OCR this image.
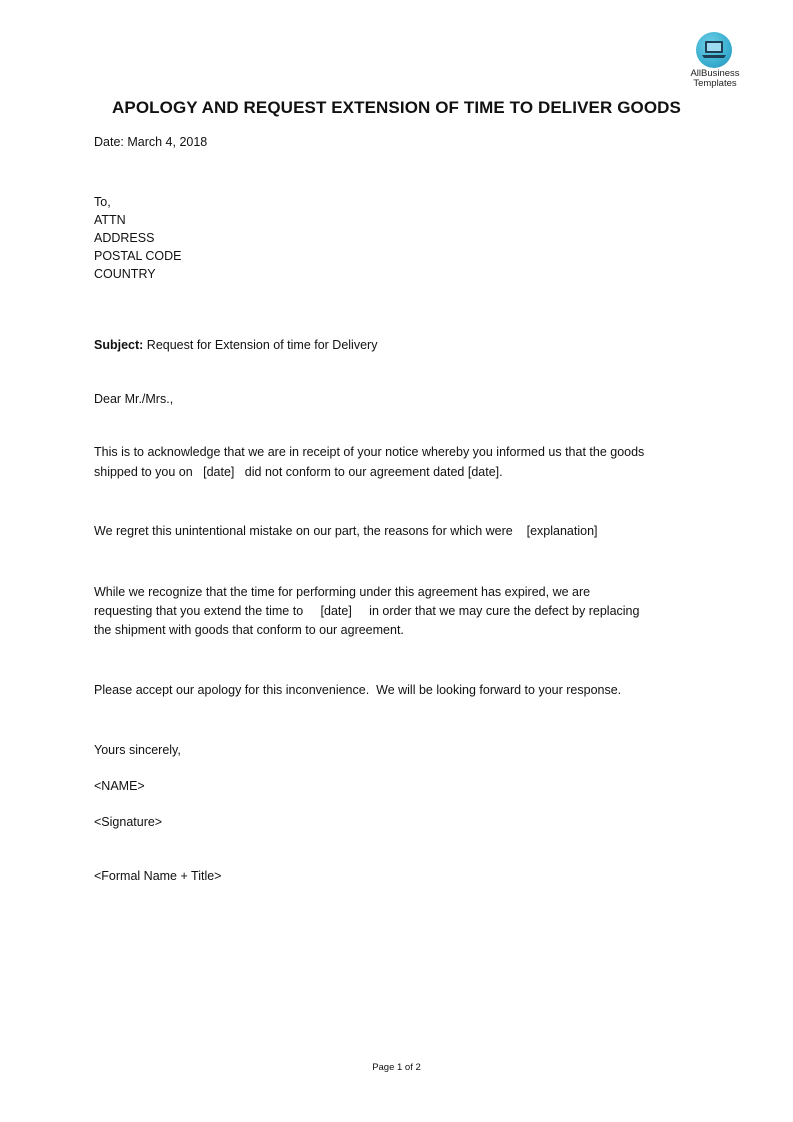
AllBusiness
Templates
APOLOGY AND REQUEST EXTENSION OF TIME TO DELIVER GOODS

Date: March 4, 2018

To,

ATTN

ADDRESS

POSTAL CODE

COUNTRY

Subject: Request for Extension of time for Delivery

Dear Mr./Mrs.,

This is to acknowledge that we are in receipt of your notice whereby you informed us that the goods

shipped to you on   [date]   did not conform to our agreement dated [date].

We regret this unintentional mistake on our part, the reasons for which were    [explanation]

While we recognize that the time for performing under this agreement has expired, we are

requesting that you extend the time to     [date]     in order that we may cure the defect by replacing

the shipment with goods that conform to our agreement.

Please accept our apology for this inconvenience.  We will be looking forward to your response.

Yours sincerely,

<NAME>

<Signature>

<Formal Name + Title>

Page 1 of 2
